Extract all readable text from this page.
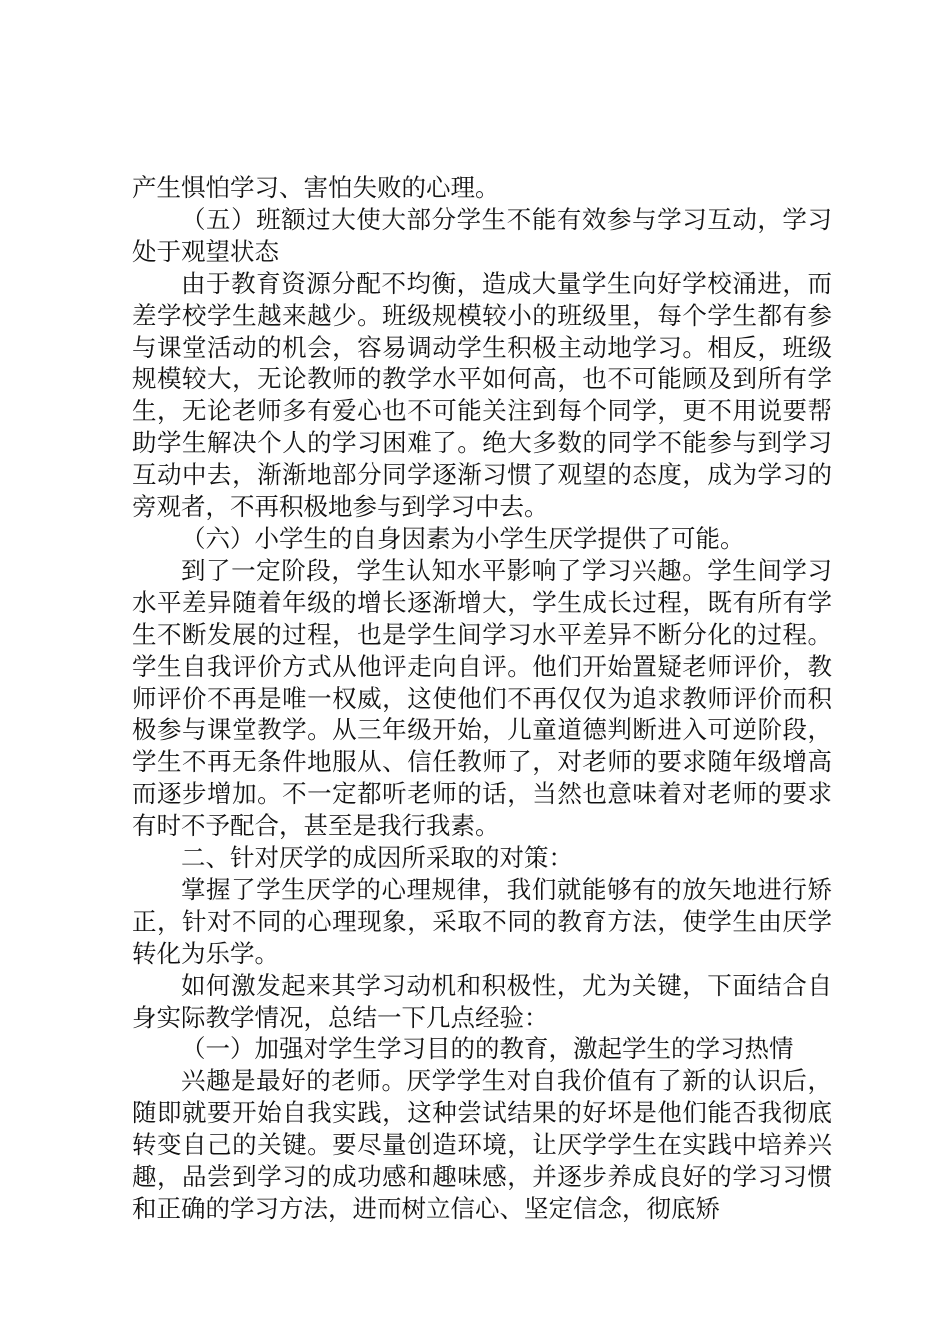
产生惧怕学习、害怕失败的心理。

（五）班额过大使大部分学生不能有效参与学习互动，学习处于观望状态

由于教育资源分配不均衡，造成大量学生向好学校涌进，而差学校学生越来越少。班级规模较小的班级里，每个学生都有参与课堂活动的机会，容易调动学生积极主动地学习。相反，班级规模较大，无论教师的教学水平如何高，也不可能顾及到所有学生，无论老师多有爱心也不可能关注到每个同学，更不用说要帮助学生解决个人的学习困难了。绝大多数的同学不能参与到学习互动中去，渐渐地部分同学逐渐习惯了观望的态度，成为学习的旁观者，不再积极地参与到学习中去。

（六）小学生的自身因素为小学生厌学提供了可能。

到了一定阶段，学生认知水平影响了学习兴趣。学生间学习水平差异随着年级的增长逐渐增大，学生成长过程，既有所有学生不断发展的过程，也是学生间学习水平差异不断分化的过程。学生自我评价方式从他评走向自评。他们开始置疑老师评价，教师评价不再是唯一权威，这使他们不再仅仅为追求教师评价而积极参与课堂教学。从三年级开始，儿童道德判断进入可逆阶段，学生不再无条件地服从、信任教师了，对老师的要求随年级增高而逐步增加。不一定都听老师的话，当然也意味着对老师的要求有时不予配合，甚至是我行我素。

二、针对厌学的成因所采取的对策：

掌握了学生厌学的心理规律，我们就能够有的放矢地进行矫正，针对不同的心理现象，采取不同的教育方法，使学生由厌学转化为乐学。

如何激发起来其学习动机和积极性，尤为关键，下面结合自身实际教学情况，总结一下几点经验：

（一）加强对学生学习目的的教育，激起学生的学习热情

兴趣是最好的老师。厌学学生对自我价值有了新的认识后，随即就要开始自我实践，这种尝试结果的好坏是他们能否我彻底转变自己的关键。要尽量创造环境，让厌学学生在实践中培养兴趣，品尝到学习的成功感和趣味感，并逐步养成良好的学习习惯和正确的学习方法，进而树立信心、坚定信念，彻底矫
